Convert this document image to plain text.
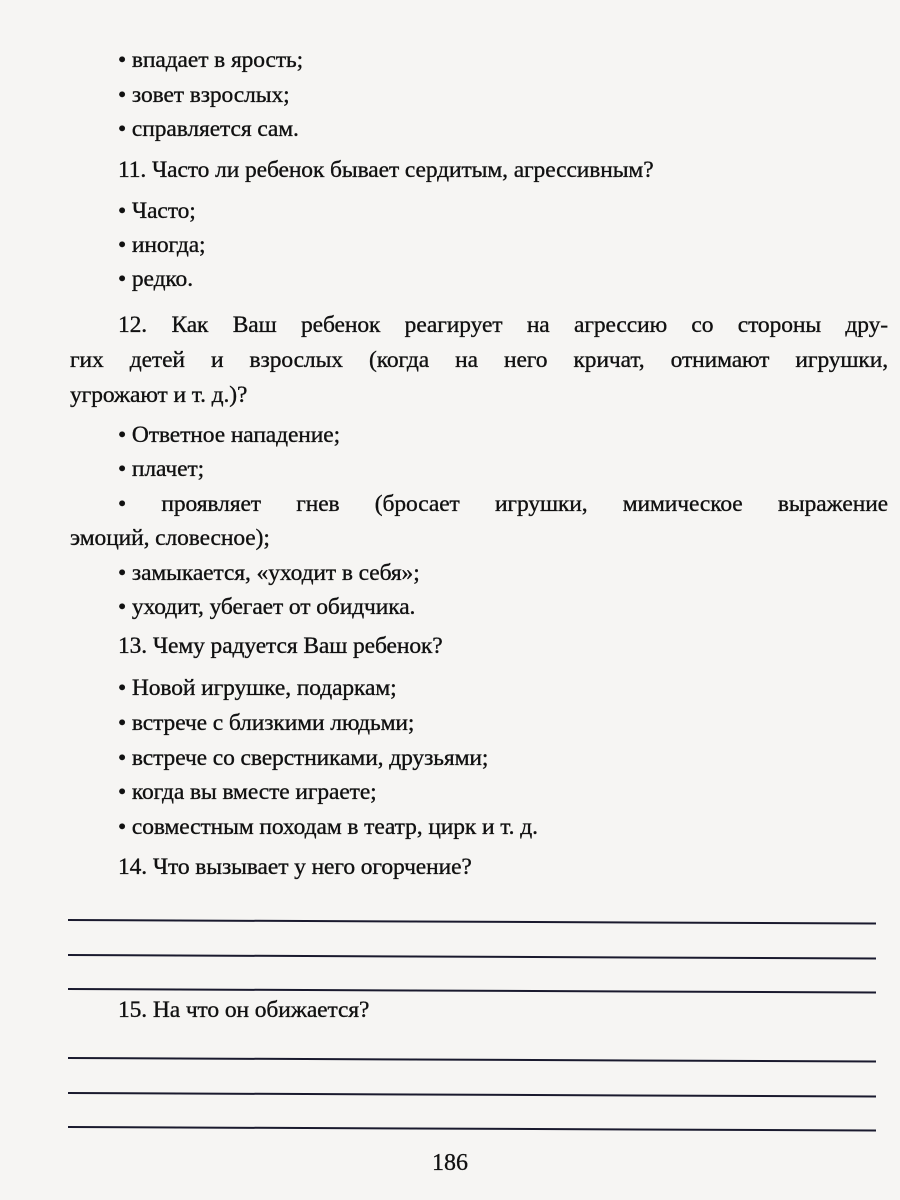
• впадает в ярость;
• зовет взрослых;
• справляется сам.
11. Часто ли ребенок бывает сердитым, агрессивным?
• Часто;
• иногда;
• редко.
12. Как Ваш ребенок реагирует на агрессию со стороны дру-
гих детей и взрослых (когда на него кричат, отнимают игрушки,
угрожают и т. д.)?
• Ответное нападение;
• плачет;
• проявляет гнев (бросает игрушки, мимическое выражение
эмоций, словесное);
• замыкается, «уходит в себя»;
• уходит, убегает от обидчика.
13. Чему радуется Ваш ребенок?
• Новой игрушке, подаркам;
• встрече с близкими людьми;
• встрече со сверстниками, друзьями;
• когда вы вместе играете;
• совместным походам в театр, цирк и т. д.
14. Что вызывает у него огорчение?
15. На что он обижается?
186
